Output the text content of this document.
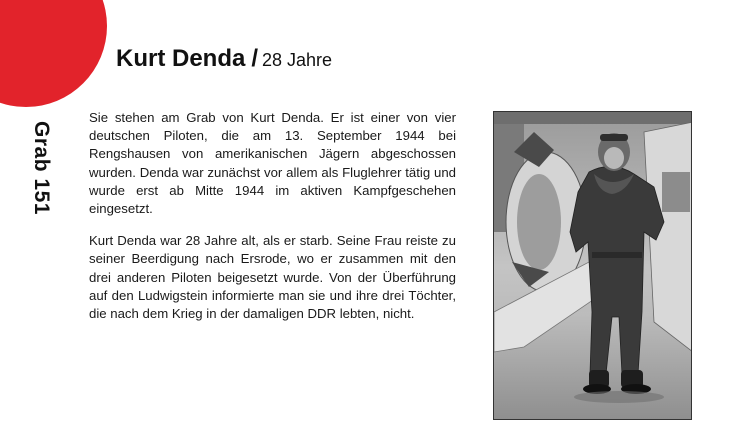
Grab 151
Kurt Denda / 28 Jahre

Sie stehen am Grab von Kurt Denda. Er ist einer von vier deutschen Piloten, die am 13. September 1944 bei Rengshausen von amerikanischen Jägern abgeschossen wurden. Denda war zunächst vor allem als Fluglehrer tätig und wurde erst ab Mitte 1944 im aktiven Kampfgeschehen eingesetzt.

Kurt Denda war 28 Jahre alt, als er starb. Seine Frau reiste zu seiner Beerdigung nach Ersrode, wo er zusammen mit den drei anderen Piloten beigesetzt wurde. Von der Überführung auf den Ludwigstein informierte man sie und ihre drei Töchter, die nach dem Krieg in der damaligen DDR lebten, nicht.
